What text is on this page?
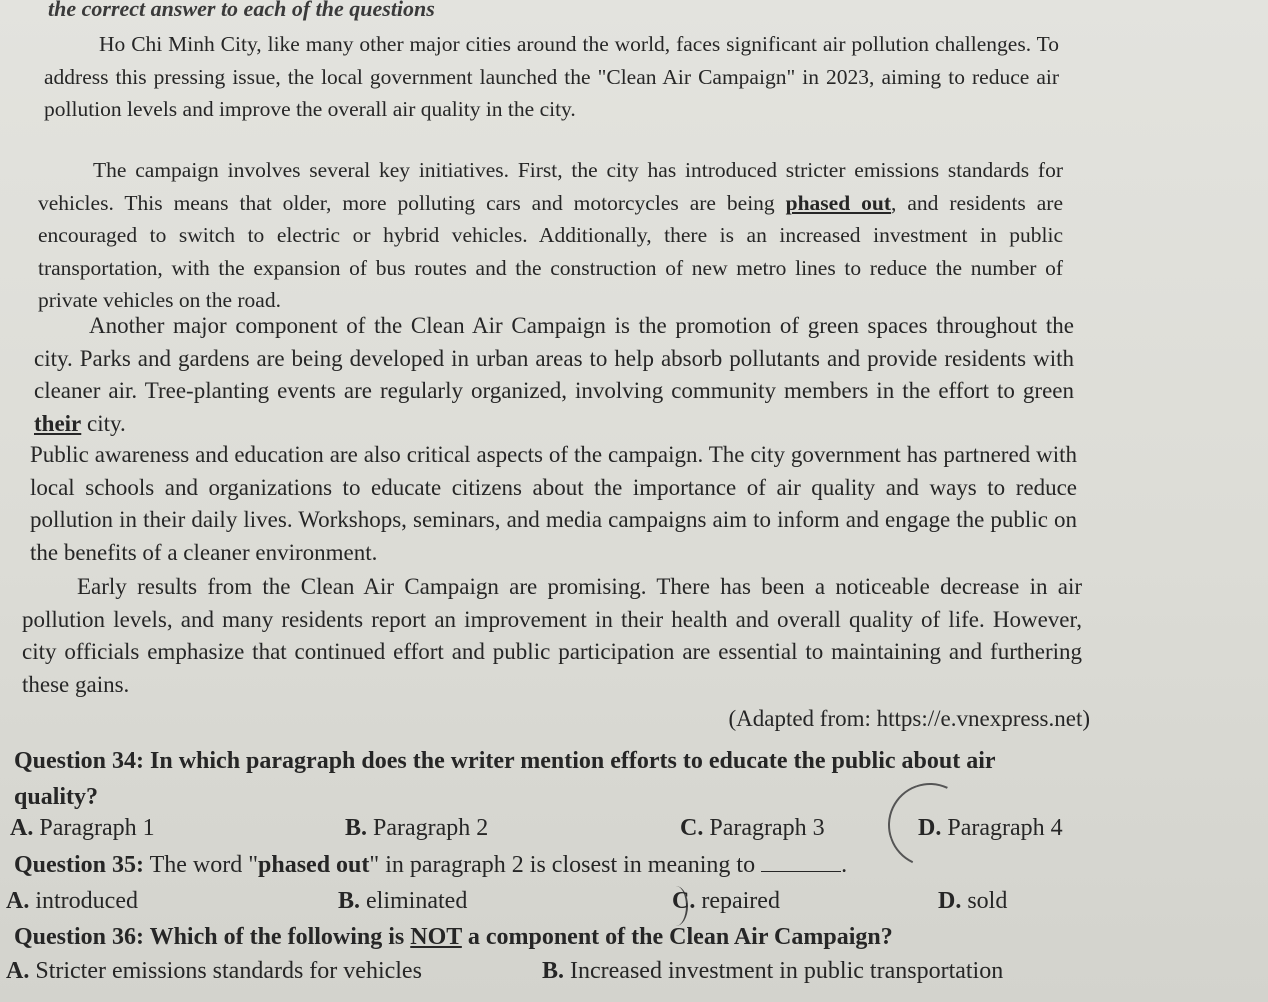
the correct answer to each of the questions

Ho Chi Minh City, like many other major cities around the world, faces significant air pollution challenges. To address this pressing issue, the local government launched the "Clean Air Campaign" in 2023, aiming to reduce air pollution levels and improve the overall air quality in the city.

The campaign involves several key initiatives. First, the city has introduced stricter emissions standards for vehicles. This means that older, more polluting cars and motorcycles are being phased out, and residents are encouraged to switch to electric or hybrid vehicles. Additionally, there is an increased investment in public transportation, with the expansion of bus routes and the construction of new metro lines to reduce the number of private vehicles on the road.

Another major component of the Clean Air Campaign is the promotion of green spaces throughout the city. Parks and gardens are being developed in urban areas to help absorb pollutants and provide residents with cleaner air. Tree-planting events are regularly organized, involving community members in the effort to green their city.

Public awareness and education are also critical aspects of the campaign. The city government has partnered with local schools and organizations to educate citizens about the importance of air quality and ways to reduce pollution in their daily lives. Workshops, seminars, and media campaigns aim to inform and engage the public on the benefits of a cleaner environment.

Early results from the Clean Air Campaign are promising. There has been a noticeable decrease in air pollution levels, and many residents report an improvement in their health and overall quality of life. However, city officials emphasize that continued effort and public participation are essential to maintaining and furthering these gains.

(Adapted from: https://e.vnexpress.net)
Question 34: In which paragraph does the writer mention efforts to educate the public about air quality?
A. Paragraph 1	B. Paragraph 2	C. Paragraph 3	D. Paragraph 4
Question 35: The word "phased out" in paragraph 2 is closest in meaning to	.
A. introduced	B. eliminated	C. repaired	D. sold
Question 36: Which of the following is NOT a component of the Clean Air Campaign?
A. Stricter emissions standards for vehicles	B. Increased investment in public transportation
